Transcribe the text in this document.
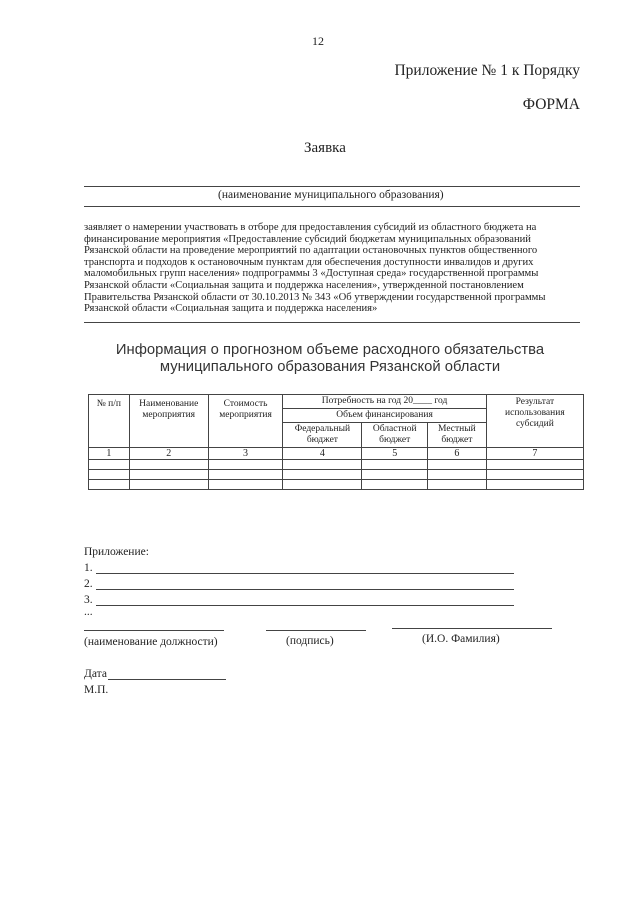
12
Приложение № 1 к Порядку
ФОРМА
Заявка
(наименование муниципального образования)

заявляет о намерении участвовать в отборе для предоставления субсидий из областного бюджета на

финансирование мероприятия «Предоставление субсидий бюджетам муниципальных образований

Рязанской области на проведение мероприятий по адаптации остановочных пунктов общественного

транспорта и подходов к остановочным пунктам для обеспечения доступности инвалидов и других

маломобильных групп населения» подпрограммы 3 «Доступная среда» государственной программы

Рязанской области «Социальная защита и поддержка населения», утвержденной постановлением

Правительства Рязанской области от 30.10.2013 № 343 «Об утверждении государственной программы

Рязанской области «Социальная защита и поддержка населения»

Информация о прогнозном объеме расходного обязательства
муниципального образования Рязанской области
№ п/п	Наименование мероприятия	Стоимость мероприятия	Потребность на год 20____ год			Результат использования субсидий
			Объем финансирования			
			Федеральный бюджет	Областной бюджет	Местный бюджет	
1	2	3	4	5	6	7

Приложение:
1.
2.
3.
...
(наименование должности)	(подпись)	(И.О. Фамилия)
Дата
М.П.
